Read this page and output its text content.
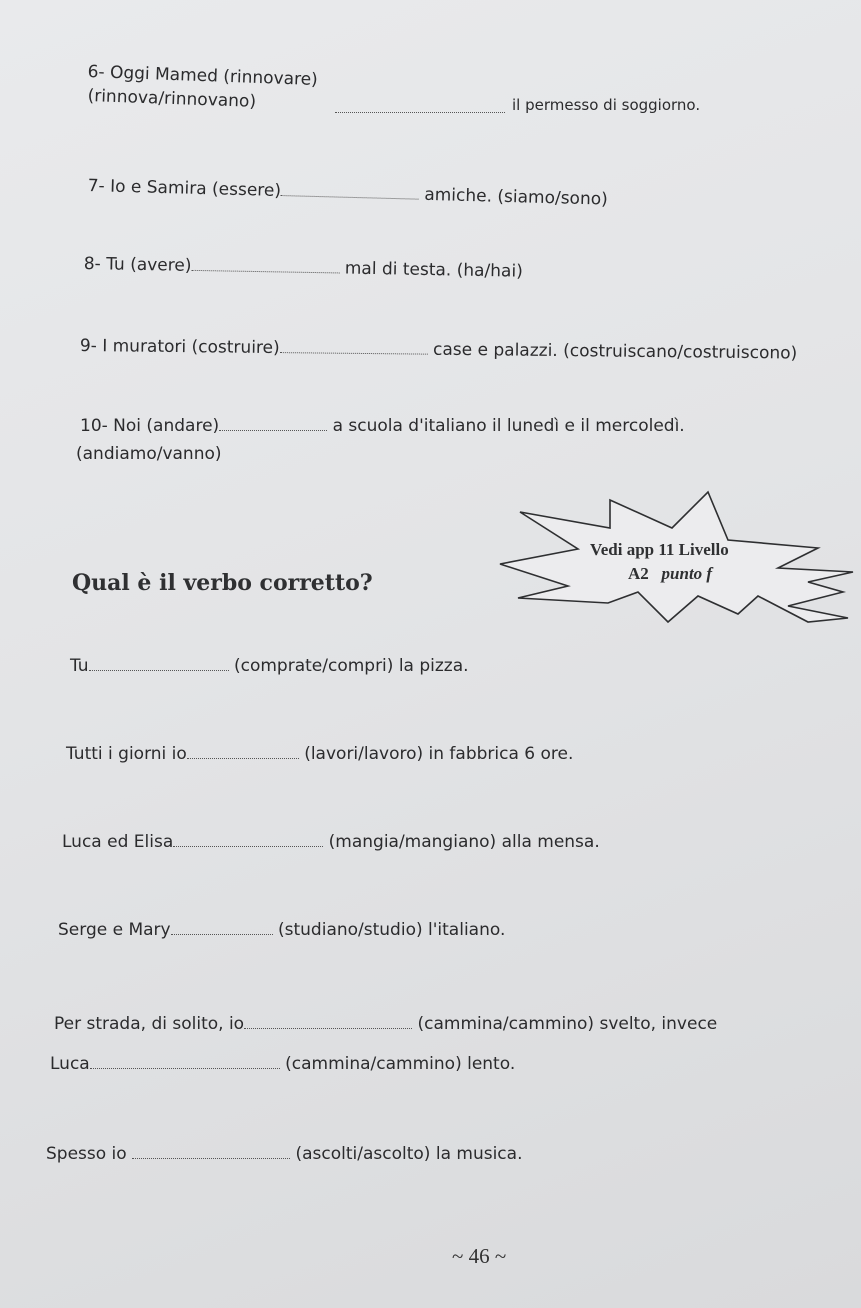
6- Oggi Mamed (rinnovare)
(rinnova/rinnovano)	il permesso di soggiorno.
7- Io e Samira (essere)	amiche. (siamo/sono)
8- Tu (avere)	mal di testa. (ha/hai)
9- I muratori (costruire)	case e palazzi. (costruiscano/costruiscono)
10- Noi (andare)	a scuola d'italiano il lunedì e il mercoledì.
(andiamo/vanno)
Qual è il verbo corretto?
Vedi app 11 Livello
A2 punto f
Tu	(comprate/compri) la pizza.
Tutti i giorni io	(lavori/lavoro) in fabbrica 6 ore.
Luca ed Elisa	(mangia/mangiano) alla mensa.
Serge e Mary	(studiano/studio) l'italiano.
Per strada, di solito, io	(cammina/cammino) svelto, invece
Luca	(cammina/cammino) lento.
Spesso io	(ascolti/ascolto) la musica.
~ 46 ~
